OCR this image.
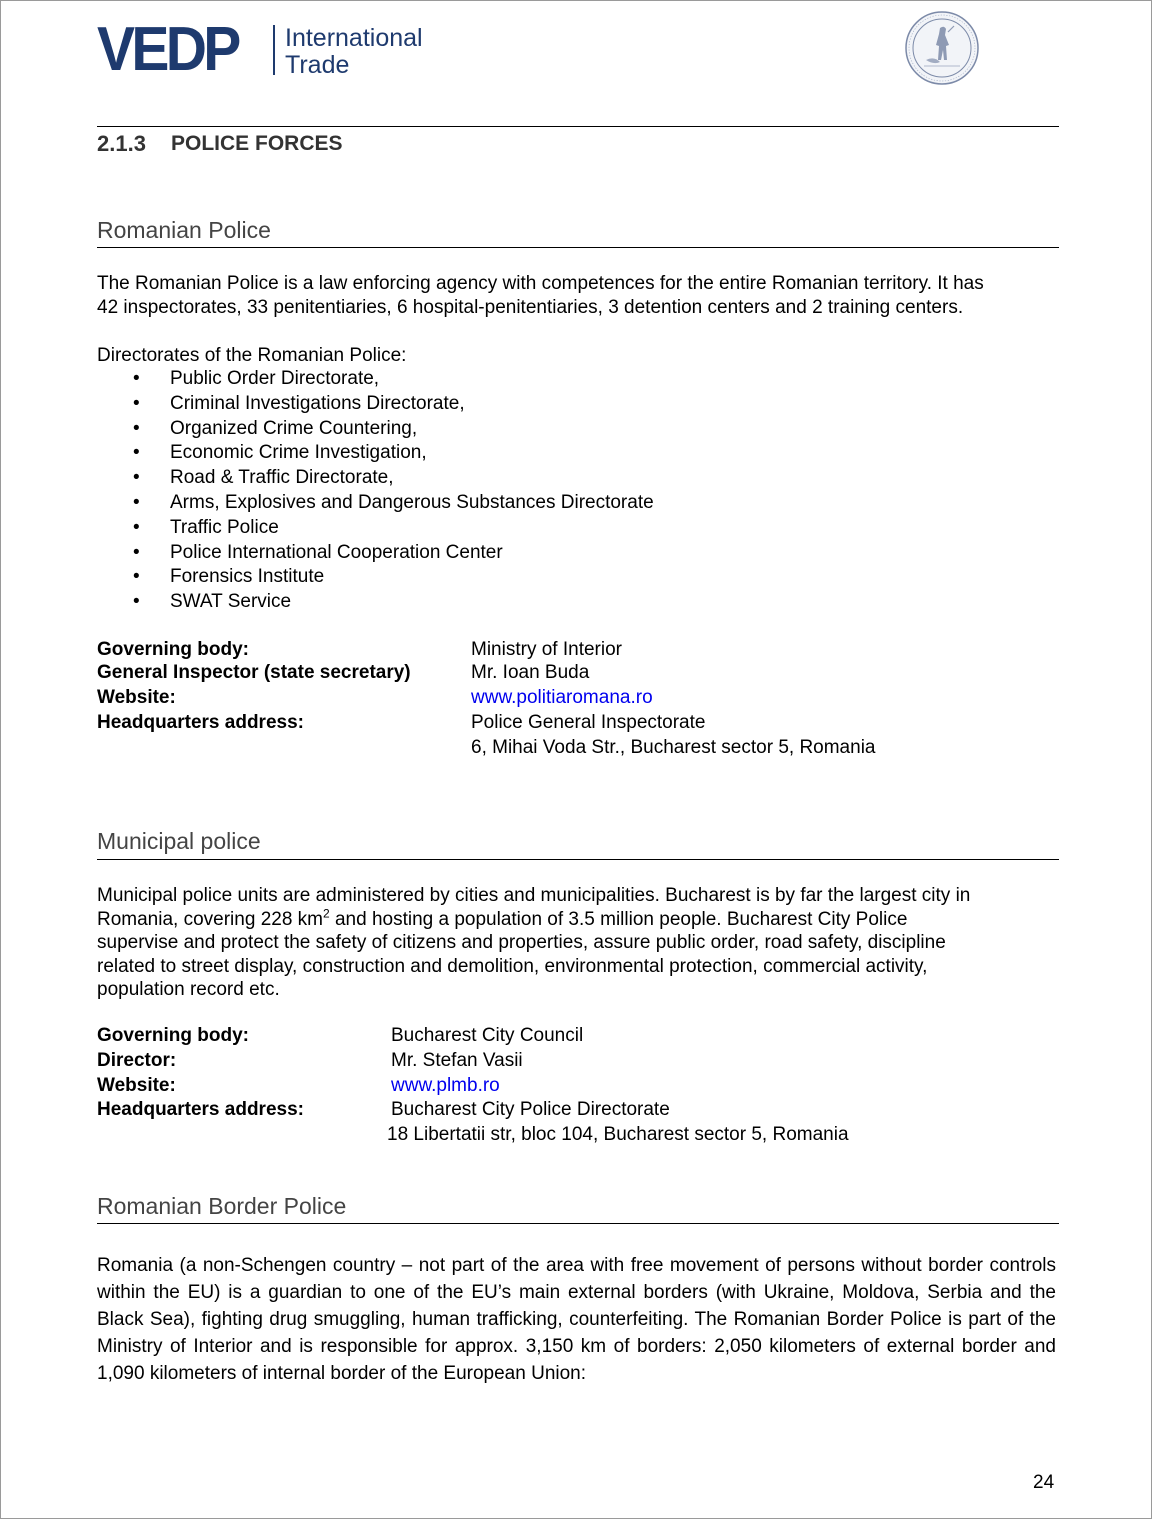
VEDP International
Trade
2.1.3 POLICE FORCES
Romanian Police
The Romanian Police is a law enforcing agency with competences for the entire Romanian territory. It has
42 inspectorates, 33 penitentiaries, 6 hospital-penitentiaries, 3 detention centers and 2 training centers.
Directorates of the Romanian Police:
• Public Order Directorate,
• Criminal Investigations Directorate,
• Organized Crime Countering,
• Economic Crime Investigation,
• Road & Traffic Directorate,
• Arms, Explosives and Dangerous Substances Directorate
• Traffic Police
• Police International Cooperation Center
• Forensics Institute
• SWAT Service
Governing body:	Ministry of Interior
General Inspector (state secretary)	Mr. Ioan Buda
Website:	www.politiaromana.ro
Headquarters address:	Police General Inspectorate
6, Mihai Voda Str., Bucharest sector 5, Romania
Municipal police
Municipal police units are administered by cities and municipalities. Bucharest is by far the largest city in
Romania, covering 228 $km^2$ and hosting a population of 3.5 million people. Bucharest City Police
supervise and protect the safety of citizens and properties, assure public order, road safety, discipline
related to street display, construction and demolition, environmental protection, commercial activity,
population record etc.
Governing body:	Bucharest City Council
Director:	Mr. Stefan Vasii
Website:	www.plmb.ro
Headquarters address:	Bucharest City Police Directorate
18 Libertatii str, bloc 104, Bucharest sector 5, Romania
Romanian Border Police

Romania (a non-Schengen country – not part of the area with free movement of persons without border controls within the EU) is a guardian to one of the EU’s main external borders (with Ukraine, Moldova, Serbia and the Black Sea), fighting drug smuggling, human trafficking, counterfeiting. The Romanian Border Police is part of the Ministry of Interior and is responsible for approx. 3,150 km of borders: 2,050 kilometers of external border and 1,090 kilometers of internal border of the European Union:

24
